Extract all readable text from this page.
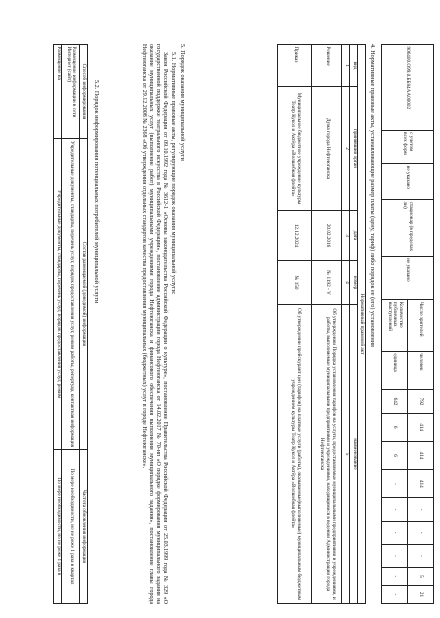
906400.О99.0.ББ84АА00002	с учетом всех форм	не указано	стационар (в пределах ли)	не указано	Число зрителей	человек	792	414	414	414	-	-	-	5	21
					Количество публичных выступлений	единица	642	6	6	-	-	-	-	-	-
4. Нормативные правовые акты, устанавливающие размер платы (цену, тариф) либо порядок ее (его) установления
Нормативный правовой акт				
вид	принявший орган	дата	номер	наименование
1	2	3	4	5
Решение	Дума города Нефтеюганска	20.02.2016	№ 1192 - V	Об утверждении Порядка установления тарифов на услуги, предоставляемые муниципальными предприятиями и учреждениями, и работы, выполняемые муниципальными предприятиями и учреждениями, находящимися в ведении Администрации города Нефтеюганска
Приказ	Муниципальное бюджетное учреждение культуры Театр Кукол и Актёра «Волшебная флейта»	12.12.2024	№ 150	Об утверждении прейскурант цен (тарифов) на платные услуги (работы), оказываемые(выполняемые) муниципальным бюджетным учреждением культуры Театр Кукол и Актёра «Волшебная флейта»
5. Порядок оказания муниципальной услуги
5.1. Нормативные правовые акты, регулирующие порядок оказания муниципальной услуги:
Закон Российской Федерации от 09.10.1992 года № 3612-1 «Основы законодательства Российской Федерации о культуре», постановление Правительства Российской Федерации от 25.03.1999 года № 329 «О государственной поддержке театрального искусства в Российской Федерации», постановление администрации города Нефтеюганска от 14.02.2017 № 70-нп «О порядке формирования муниципального задания на оказание муниципальных услуг (выполнение работ) муниципальными учреждениями города Нефтеюганска и финансового обеспечения выполнения муниципального задания», постановление главы города Нефтеюганска от 29.12.2008 № 2368 «Об утверждении отдельных стандартов качества предоставления муниципальных (бюджетных) услуг в городе Нефтеюганске».
5.2. Порядок информирования потенциальных потребителей муниципальной услуги
Способ информирования	Состав размещаемой (доводимой) информации	Частота обновления информации
Размещение информации в сети Интернет (сайт)	Учредительные документы, стандарты, перечень услуг, порядок предоставления услуг, режим работы, репертуар, контактная информация	По мере необходимости, но не реже 1 раза в квартал
Размещение на	Учредительные документы, стандарты, перечень услуг, порядок предоставления услуг, режим	По мере необходимости, но не реже 1 раза в
